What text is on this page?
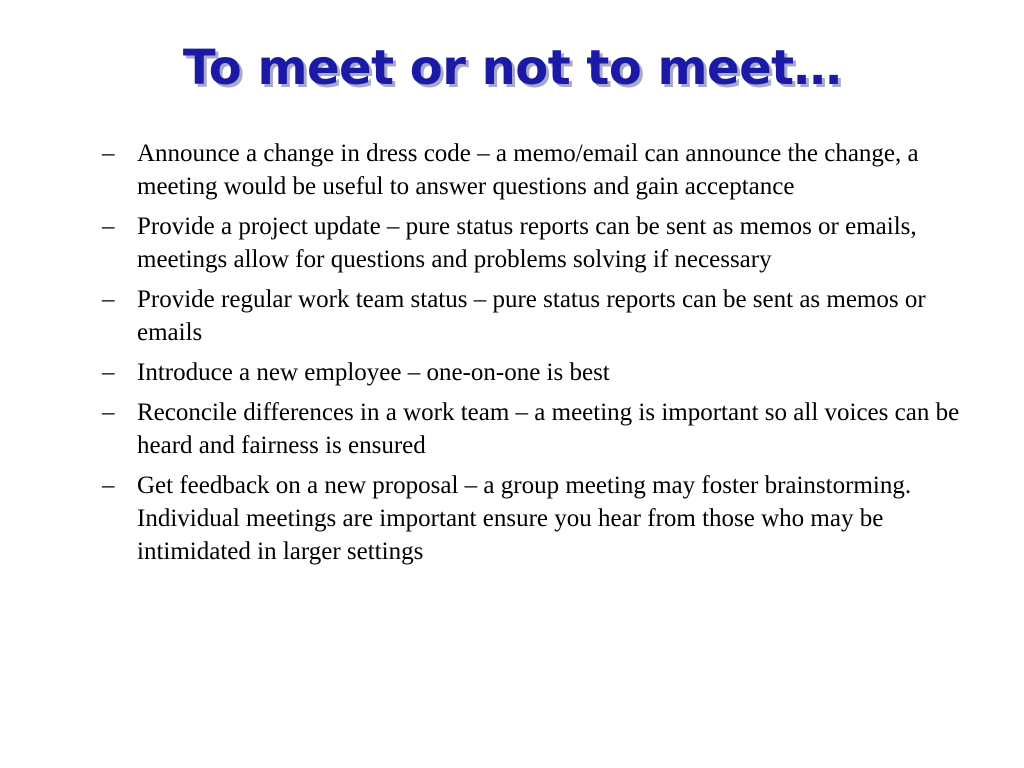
To meet or not to meet…
– Announce a change in dress code – a memo/email can announce the change, a meeting would be useful to answer questions and gain acceptance
– Provide a project update – pure status reports can be sent as memos or emails, meetings allow for questions and problems solving if necessary
– Provide regular work team status – pure status reports can be sent as memos or emails
– Introduce a new employee – one-on-one is best
– Reconcile differences in a work team – a meeting is important so all voices can be heard and fairness is ensured
– Get feedback on a new proposal – a group meeting may foster brainstorming. Individual meetings are important ensure you hear from those who may be intimidated in larger settings
